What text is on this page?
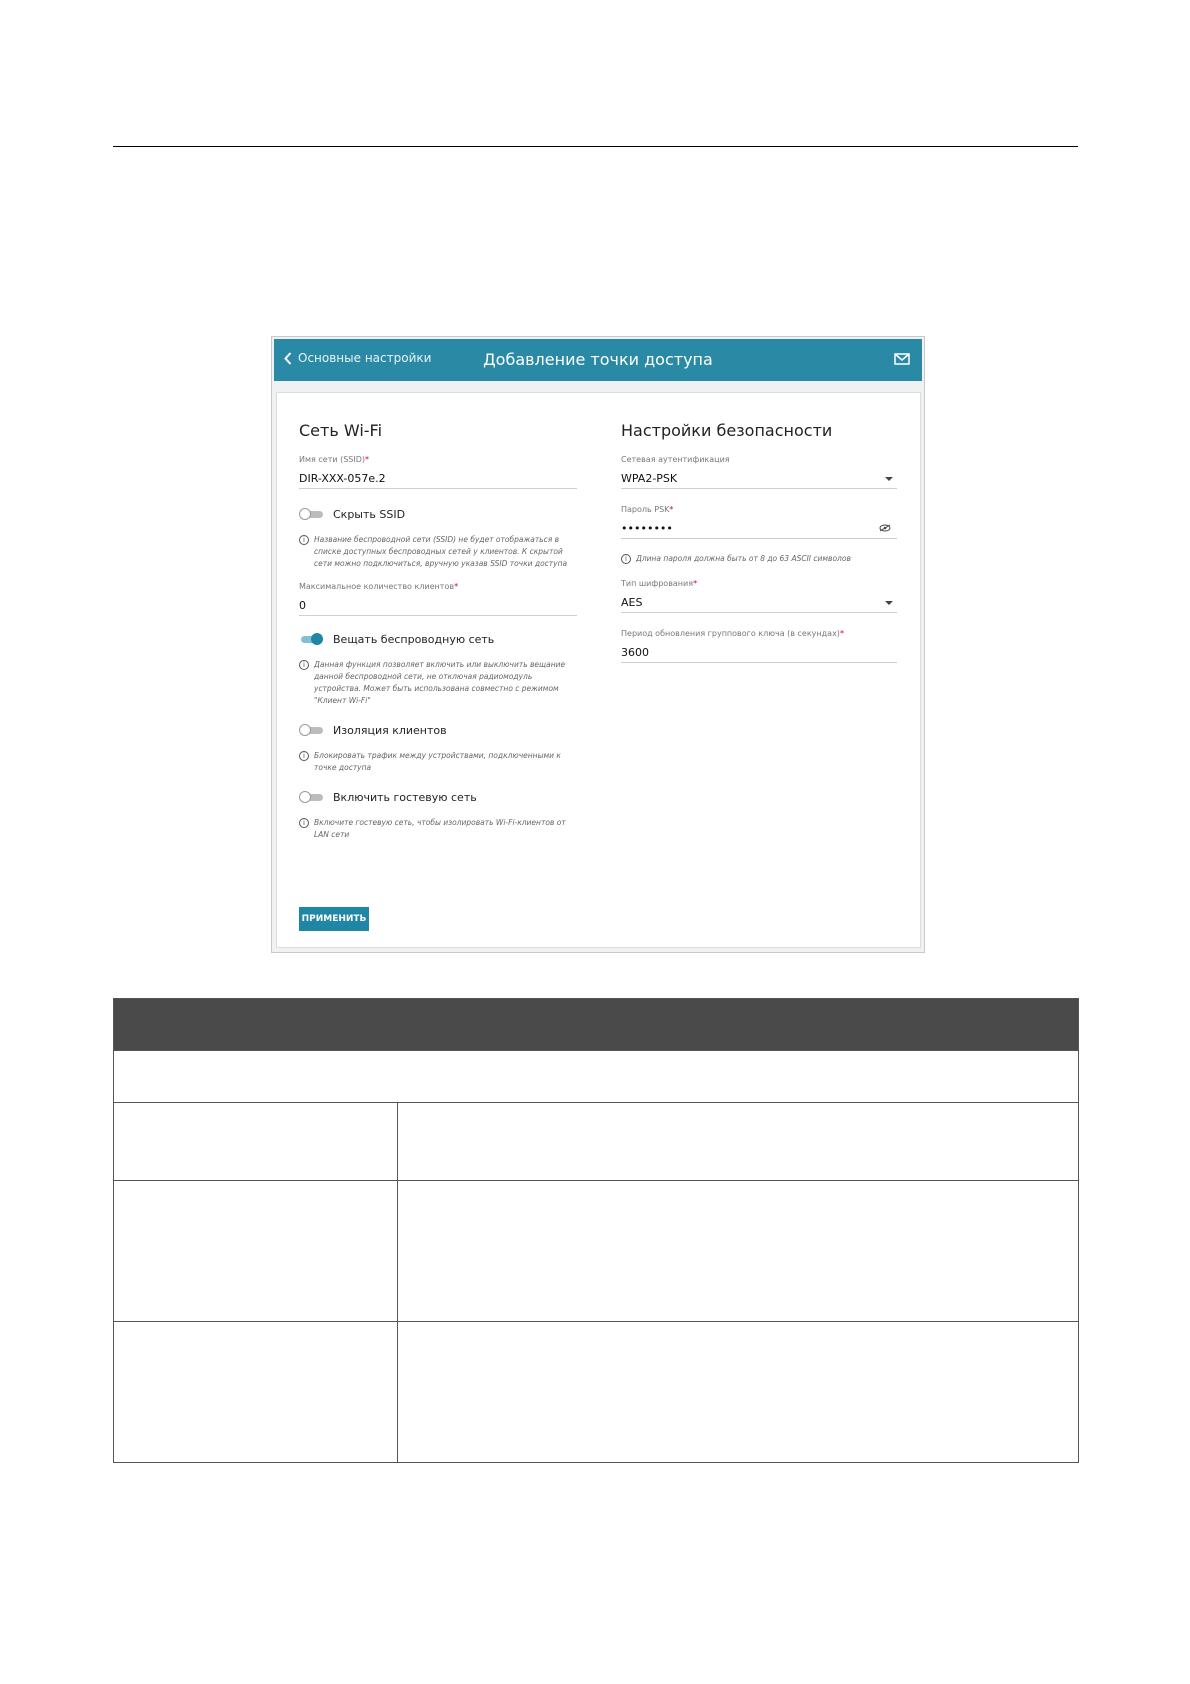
Основные настройки	Добавление точки доступа
Сеть Wi-Fi
Имя сети (SSID)*
DIR-XXX-057e.2
Скрыть SSID
i	Название беспроводной сети (SSID) не будет отображаться в списке доступных беспроводных сетей у клиентов. К скрытой сети можно подключиться, вручную указав SSID точки доступа
Максимальное количество клиентов*
0
Вещать беспроводную сеть
i	Данная функция позволяет включить или выключить вещание данной беспроводной сети, не отключая радиомодуль устройства. Может быть использована совместно с режимом "Клиент Wi-Fi"
Изоляция клиентов
i	Блокировать трафик между устройствами, подключенными к точке доступа
Включить гостевую сеть
i	Включите гостевую сеть, чтобы изолировать Wi-Fi-клиентов от LAN сети
Настройки безопасности
Сетевая аутентификация
WPA2-PSK
Пароль PSK*
••••••••
i	Длина пароля должна быть от 8 до 63 ASCII символов
Тип шифрования*
AES
Период обновления группового ключа (в секундах)*
3600
ПРИМЕНИТЬ
